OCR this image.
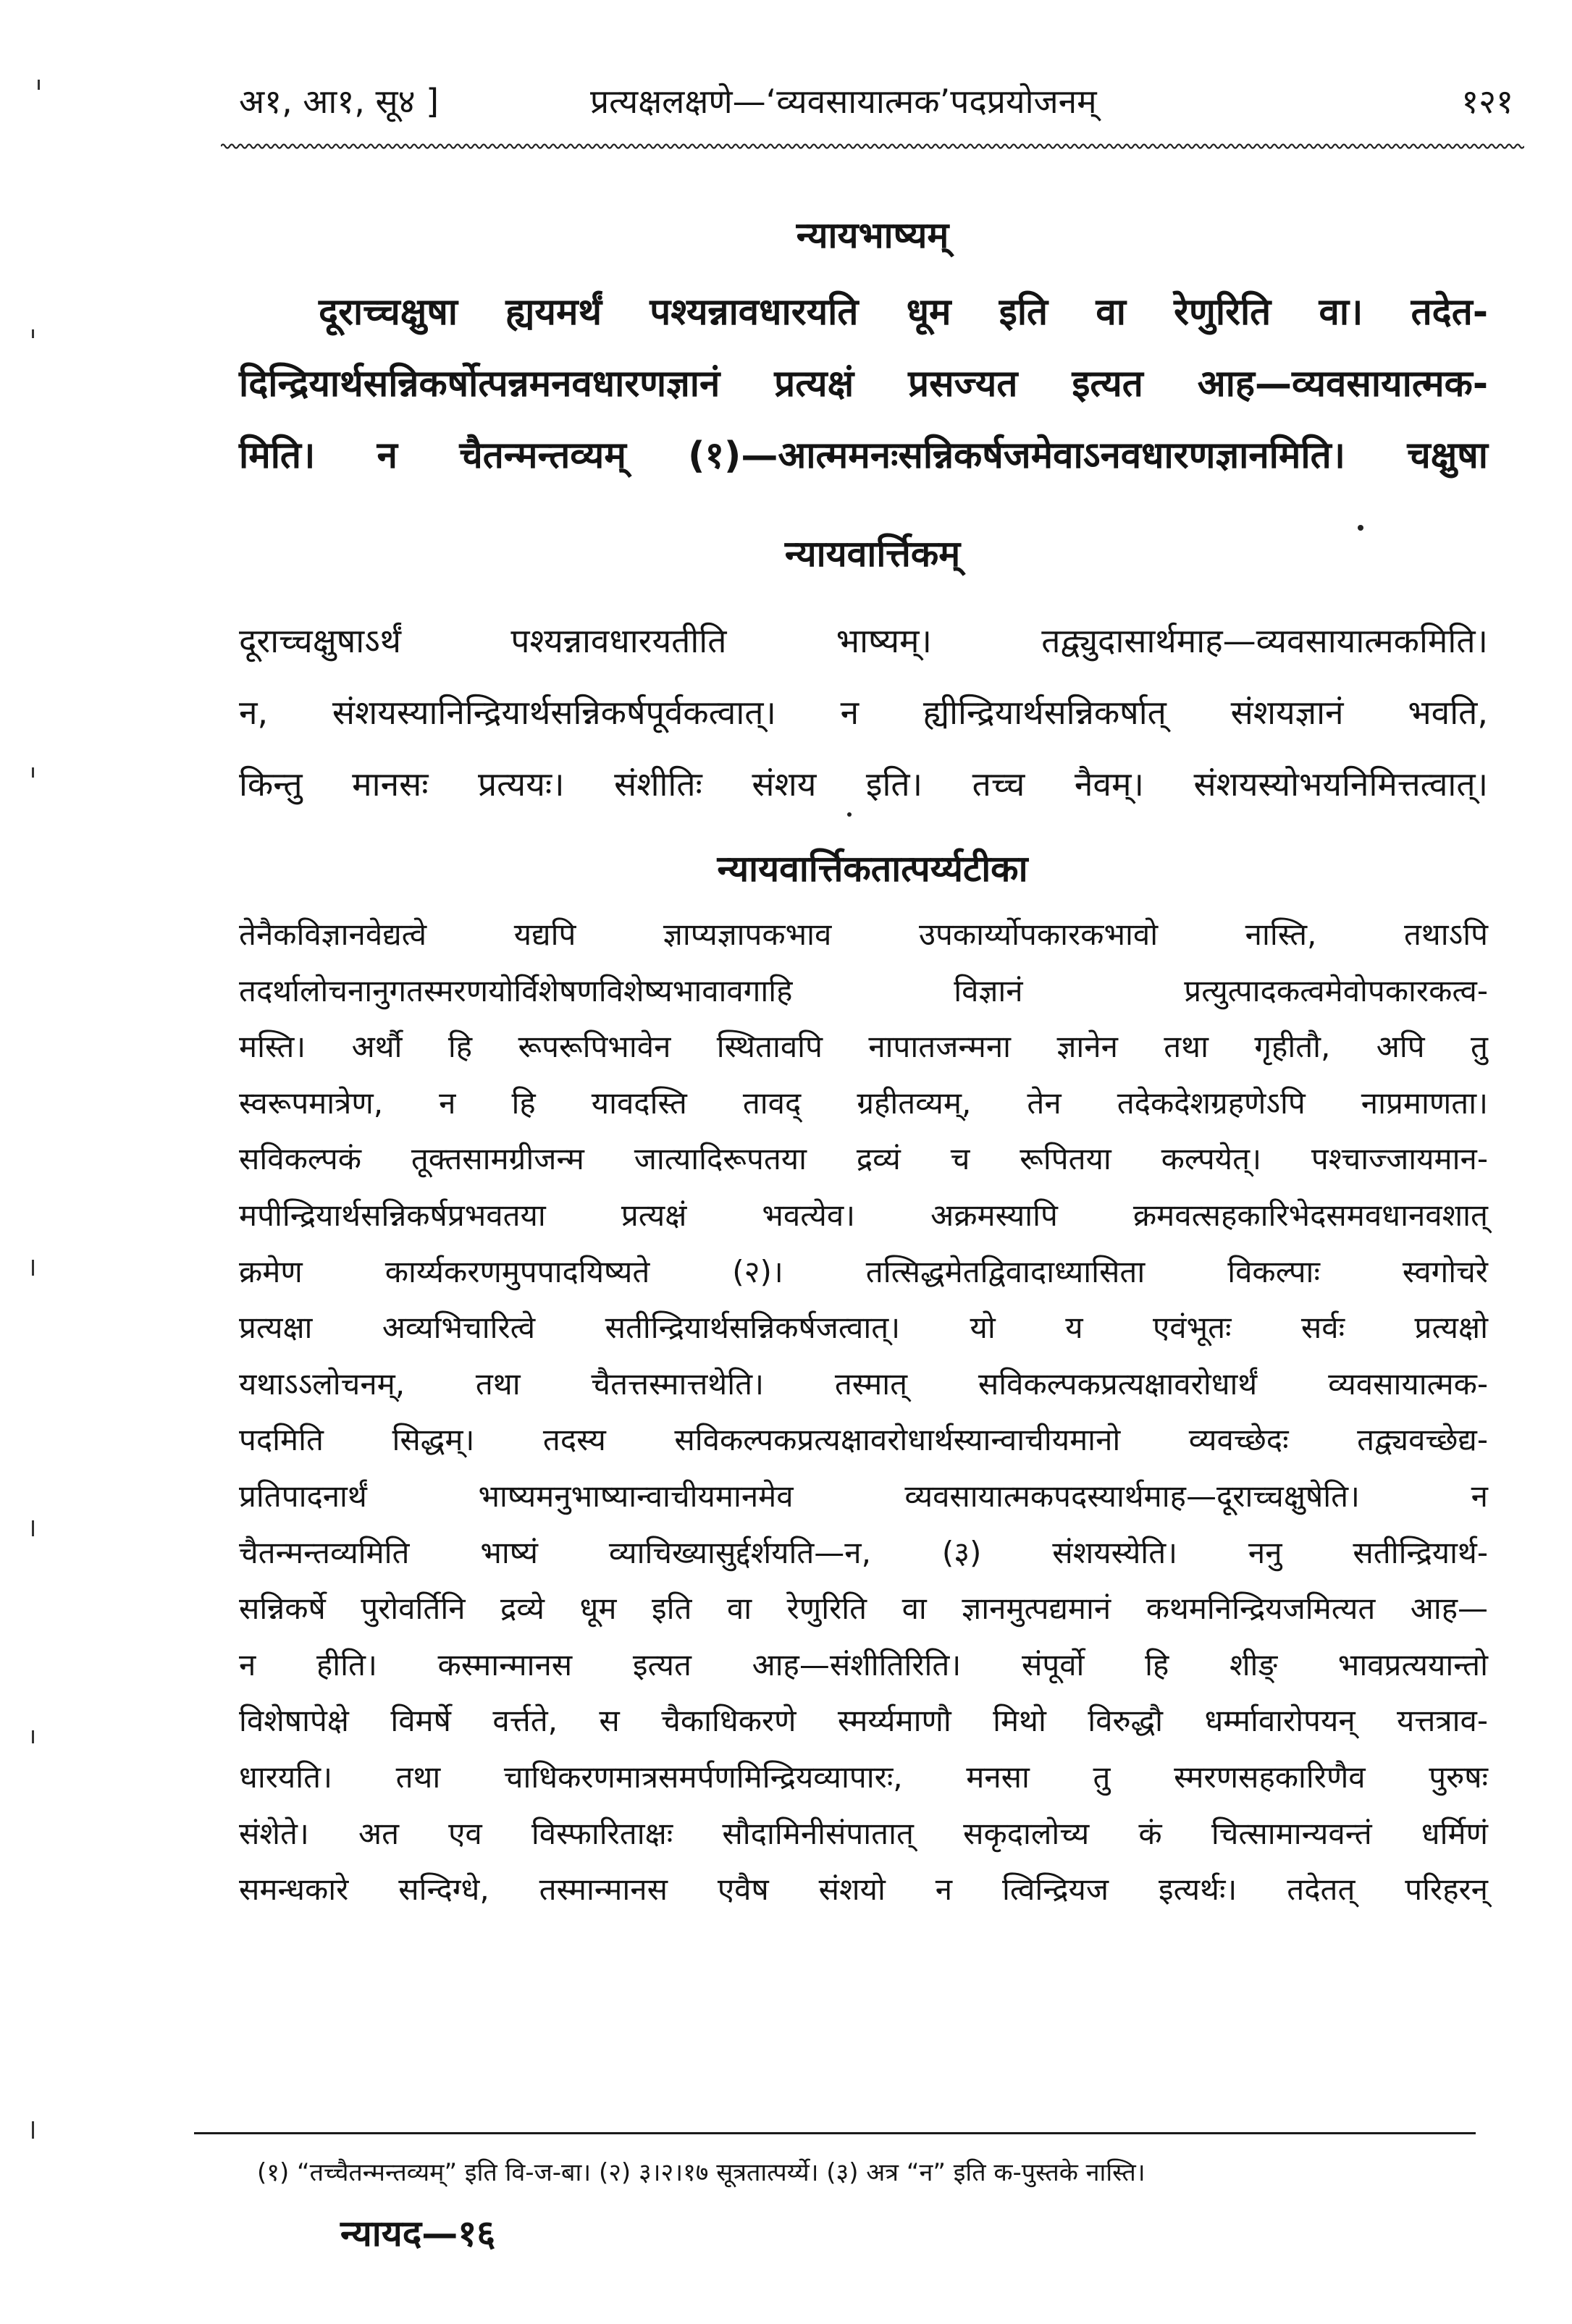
अ१, आ१, सू४ ]	प्रत्यक्षलक्षणे—‘व्यवसायात्मक’पदप्रयोजनम्	१२१
न्यायभाष्यम्

दूराच्चक्षुषा ह्ययमर्थं पश्यन्नावधारयति धूम इति वा रेणुरिति वा। तदेत-

दिन्द्रियार्थसन्निकर्षोत्पन्नमनवधारणज्ञानं प्रत्यक्षं प्रसज्यत इत्यत आह—व्यवसायात्मक-

मिति। न चैतन्मन्तव्यम् (१)—आत्ममनःसन्निकर्षजमेवाऽनवधारणज्ञानमिति। चक्षुषा

न्यायवार्त्तिकम्

दूराच्चक्षुषाऽर्थं पश्यन्नावधारयतीति भाष्यम्। तद्व्युदासार्थमाह—व्यवसायात्मकमिति।

न, संशयस्यानिन्द्रियार्थसन्निकर्षपूर्वकत्वात्। न ह्यीन्द्रियार्थसन्निकर्षात् संशयज्ञानं भवति,

किन्तु मानसः प्रत्ययः। संशीतिः संशय इति। तच्च नैवम्। संशयस्योभयनिमित्तत्वात्।

न्यायवार्त्तिकतात्पर्य्यटीका

तेनैकविज्ञानवेद्यत्वे यद्यपि ज्ञाप्यज्ञापकभाव उपकार्य्योपकारकभावो नास्ति, तथाऽपि

तदर्थालोचनानुगतस्मरणयोर्विशेषणविशेष्यभावावगाहि विज्ञानं प्रत्युत्पादकत्वमेवोपकारकत्व-

मस्ति। अर्थौ हि रूपरूपिभावेन स्थितावपि नापातजन्मना ज्ञानेन तथा गृहीतौ, अपि तु

स्वरूपमात्रेण, न हि यावदस्ति तावद् ग्रहीतव्यम्, तेन तदेकदेशग्रहणेऽपि नाप्रमाणता।

सविकल्पकं तूक्तसामग्रीजन्म जात्यादिरूपतया द्रव्यं च रूपितया कल्पयेत्। पश्चाज्जायमान-

मपीन्द्रियार्थसन्निकर्षप्रभवतया प्रत्यक्षं भवत्येव। अक्रमस्यापि क्रमवत्सहकारिभेदसमवधानवशात्

क्रमेण कार्य्यकरणमुपपादयिष्यते (२)। तत्सिद्धमेतद्विवादाध्यासिता विकल्पाः स्वगोचरे

प्रत्यक्षा अव्यभिचारित्वे सतीन्द्रियार्थसन्निकर्षजत्वात्। यो य एवंभूतः सर्वः प्रत्यक्षो

यथाऽऽलोचनम्, तथा चैतत्तस्मात्तथेति। तस्मात् सविकल्पकप्रत्यक्षावरोधार्थं व्यवसायात्मक-

पदमिति सिद्धम्। तदस्य सविकल्पकप्रत्यक्षावरोधार्थस्यान्वाचीयमानो व्यवच्छेदः तद्व्यवच्छेद्य-

प्रतिपादनार्थं भाष्यमनुभाष्यान्वाचीयमानमेव व्यवसायात्मकपदस्यार्थमाह—दूराच्चक्षुषेति। न

चैतन्मन्तव्यमिति भाष्यं व्याचिख्यासुर्द्दर्शयति—न, (३) संशयस्येति। ननु सतीन्द्रियार्थ-

सन्निकर्षे पुरोवर्तिनि द्रव्ये धूम इति वा रेणुरिति वा ज्ञानमुत्पद्यमानं कथमनिन्द्रियजमित्यत आह—

न हीति। कस्मान्मानस इत्यत आह—संशीतिरिति। संपूर्वो हि शीङ् भावप्रत्ययान्तो

विशेषापेक्षे विमर्षे वर्त्तते, स चैकाधिकरणे स्मर्य्यमाणौ मिथो विरुद्धौ धर्म्मावारोपयन् यत्तत्राव-

धारयति। तथा चाधिकरणमात्रसमर्पणमिन्द्रियव्यापारः, मनसा तु स्मरणसहकारिणैव पुरुषः

संशेते। अत एव विस्फारिताक्षः सौदामिनीसंपातात् सकृदालोच्य कं चित्सामान्यवन्तं धर्मिणं

समन्धकारे सन्दिग्धे, तस्मान्मानस एवैष संशयो न त्विन्द्रियज इत्यर्थः। तदेतत् परिहरन्

(१) “तच्चैतन्मन्तव्यम्” इति वि-ज-बा। (२) ३।२।१७ सूत्रतात्पर्य्ये। (३) अत्र “न” इति क-पुस्तके नास्ति।
न्यायद—१६
